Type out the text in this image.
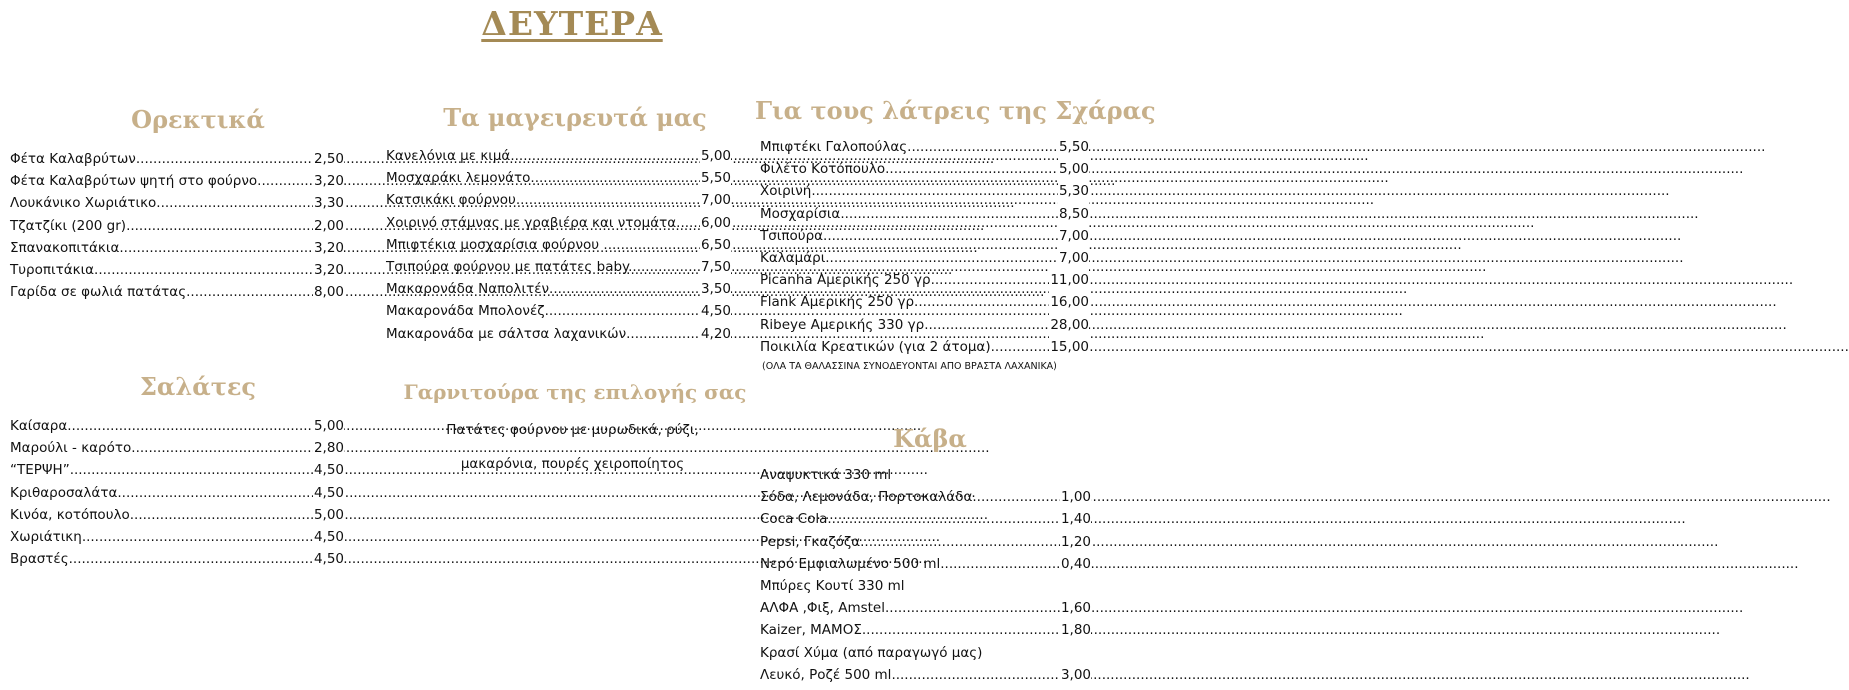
ΔΕΥΤΕΡΑ
Ορεκτικά
Φέτα Καλαβρύτων .....	2,50
Φέτα Καλαβρύτων ψητή στο φούρνο .....	3,20
Λουκάνικο Χωριάτικο .....	3,30
Τζατζίκι (200 gr) .....	2,00
Σπανακοπιτάκια .....	3,20
Τυροπιτάκια .....	3,20
Γαρίδα σε φωλιά πατάτας .....	8,00
Σαλάτες
Καίσαρα .....	5,00
Μαρούλι - καρότο .....	2,80
“ΤΕΡΨΗ” .....	4,50
Κριθαροσαλάτα .....	4,50
Κινόα, κοτόπουλο .....	5,00
Χωριάτικη .....	4,50
Βραστές .....	4,50
Τα μαγειρευτά μας
Κανελόνια με κιμά .....	5,00
Μοσχαράκι λεμονάτο .....	5,50
Κατσικάκι φούρνου .....	7,00
Χοιρινό στάμνας με γραβιέρα και ντομάτα ..... 6,00
Μπιφτέκια μοσχαρίσια φούρνου .....	6,50
Τσιπούρα φούρνου με πατάτες baby .....	7,50
Μακαρονάδα Ναπολιτέν .....	3,50
Μακαρονάδα Μπολονέζ .....	4,50
Μακαρονάδα με σάλτσα λαχανικών .....	4,20
Γαρνιτούρα της επιλογής σας
Πατάτες φούρνου με μυρωδικά, ρύζι,
μακαρόνια, πουρές χειροποίητος
Για τους λάτρεις της Σχάρας
Μπιφτέκι Γαλοπούλας .....	5,50
Φιλέτο Κοτόπουλο .....	5,00
Χοιρινή .....	5,30
Μοσχαρίσια .....	8,50
Τσιπούρα .....	7,00
Καλαμάρι .....	7,00
Picanha Αμερικής 250 γρ. .....	11,00
Flank Αμερικής 250 γρ. .....	16,00
Ribeye Αμερικής 330 γρ. .....	28,00
Ποικιλία Κρεατικών (για 2 άτομα) .....	15,00
(ΟΛΑ ΤΑ ΘΑΛΑΣΣΙΝΑ ΣΥΝΟΔΕΥΟΝΤΑΙ ΑΠΟ ΒΡΑΣΤΑ ΛΑΧΑΝΙΚΑ)
Κάβα
Αναψυκτικά 330 ml
Σόδα, Λεμονάδα, Πορτοκαλάδα .....	1,00
Coca Cola .....	1,40
Pepsi, Γκαζόζα .....	1,20
Νερό Εμφιαλωμένο 500 ml .....	0,40
Μπύρες Κουτί 330 ml
ΑΛΦΑ ,Φιξ, Amstel .....	1,60
Kaizer, ΜΑΜΟΣ .....	1,80
Κρασί Χύμα (από παραγωγό μας)
Λευκό, Ροζέ 500 ml .....	3,00
